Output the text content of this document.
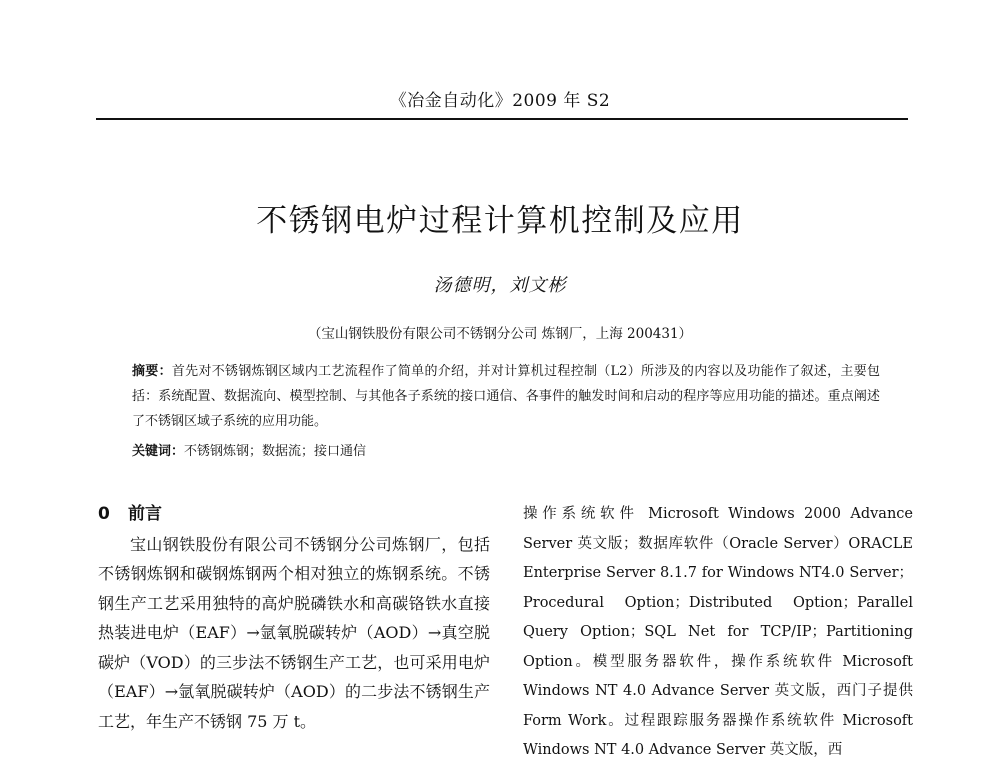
《冶金自动化》2009 年 S2
不锈钢电炉过程计算机控制及应用
汤德明，刘文彬
（宝山钢铁股份有限公司不锈钢分公司 炼钢厂，上海 200431）
摘要：首先对不锈钢炼钢区域内工艺流程作了简单的介绍，并对计算机过程控制（L2）所涉及的内容以及功能作了叙述，主要包括：系统配置、数据流向、模型控制、与其他各子系统的接口通信、各事件的触发时间和启动的程序等应用功能的描述。重点阐述了不锈钢区域子系统的应用功能。
关键词：不锈钢炼钢；数据流；接口通信
0 前言

宝山钢铁股份有限公司不锈钢分公司炼钢厂，包括不锈钢炼钢和碳钢炼钢两个相对独立的炼钢系统。不锈钢生产工艺采用独特的高炉脱磷铁水和高碳铬铁水直接热装进电炉（EAF）→氩氧脱碳转炉（AOD）→真空脱碳炉（VOD）的三步法不锈钢生产工艺，也可采用电炉（EAF）→氩氧脱碳转炉（AOD）的二步法不锈钢生产工艺，年生产不锈钢 75 万 t。

操作系统软件 Microsoft Windows 2000 Advance Server 英文版；数据库软件（Oracle Server）ORACLE Enterprise Server 8.1.7 for Windows NT4.0 Server；Procedural Option；Distributed Option；Parallel Query Option；SQL Net for TCP/IP；Partitioning Option。模型服务器软件，操作系统软件 Microsoft Windows NT 4.0 Advance Server 英文版，西门子提供 Form Work。过程跟踪服务器操作系统软件 Microsoft Windows NT 4.0 Advance Server 英文版，西
